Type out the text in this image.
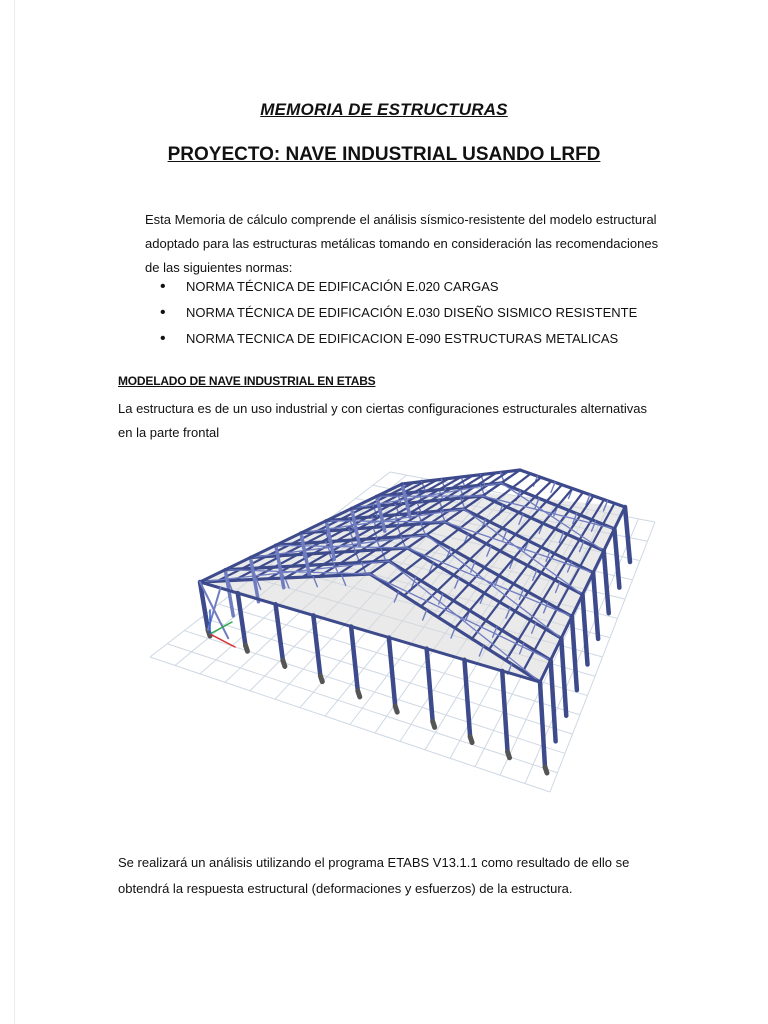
MEMORIA DE ESTRUCTURAS
PROYECTO: NAVE INDUSTRIAL USANDO LRFD

Esta Memoria de cálculo comprende el análisis sísmico-resistente del modelo estructural adoptado para las estructuras metálicas tomando en consideración las recomendaciones de las siguientes normas:

• NORMA TÉCNICA DE EDIFICACIÓN E.020 CARGAS
• NORMA TÉCNICA DE EDIFICACIÓN E.030 DISEÑO SISMICO RESISTENTE
• NORMA TECNICA DE EDIFICACION E-090 ESTRUCTURAS METALICAS
MODELADO DE NAVE INDUSTRIAL EN ETABS

La estructura es de un uso industrial y con ciertas configuraciones estructurales alternativas en la parte frontal

Se realizará un análisis utilizando el programa ETABS V13.1.1 como resultado de ello se obtendrá la respuesta estructural (deformaciones y esfuerzos) de la estructura.
